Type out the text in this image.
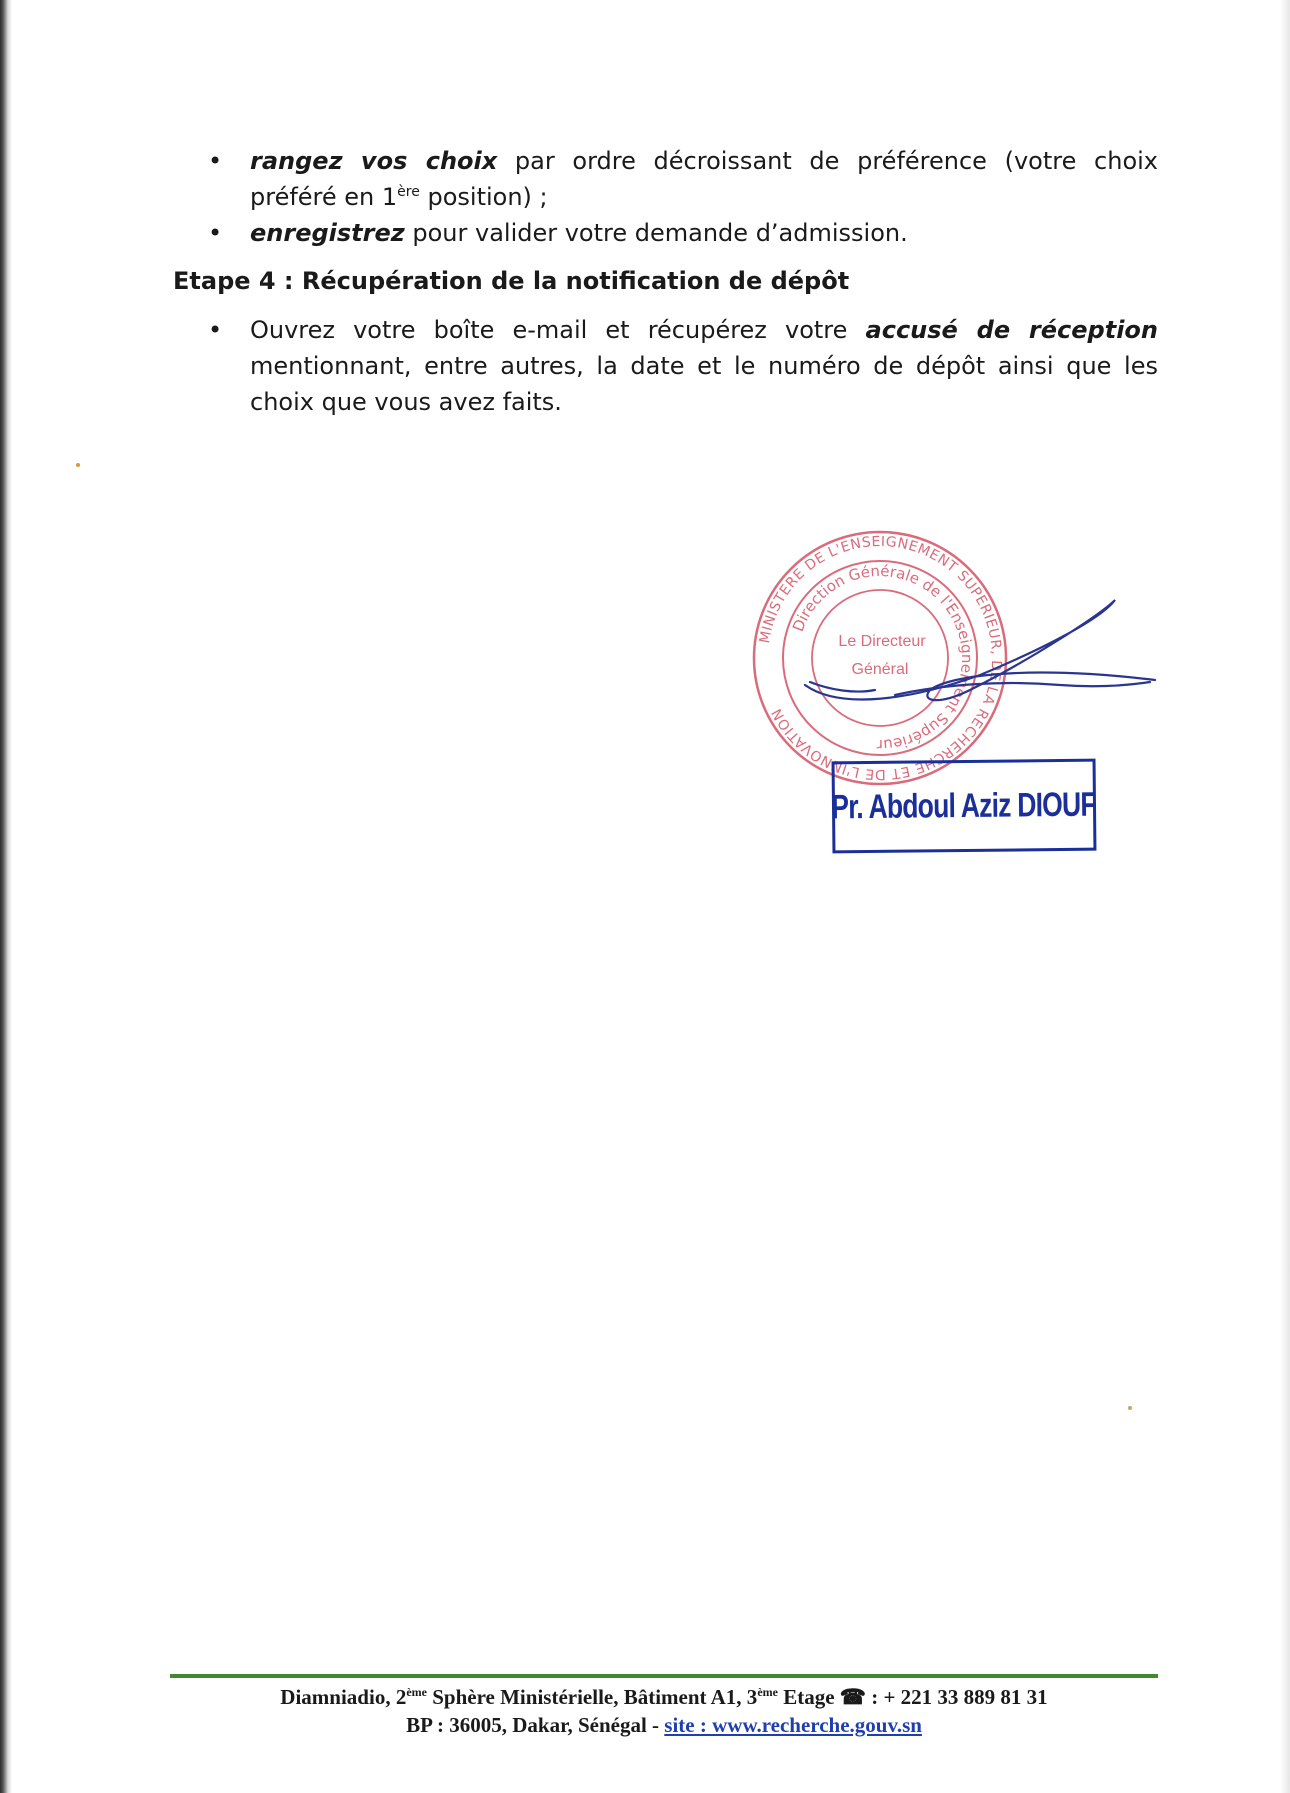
•	rangez vos choix par ordre décroissant de préférence (votre choix préféré en 1ère position) ;
•	enregistrez pour valider votre demande d’admission.
Etape 4 : Récupération de la notification de dépôt
•	Ouvrez votre boîte e-mail et récupérez votre accusé de réception mentionnant, entre autres, la date et le numéro de dépôt ainsi que les choix que vous avez faits.
MINISTERE DE L'ENSEIGNEMENT SUPERIEUR, DE LA RECHERCHE ET DE L'INNOVATION
Direction Générale de l'Enseignement Supérieur
Le Directeur
Général
Pr. Abdoul Aziz DIOUF
Diamniadio, 2ème Sphère Ministérielle, Bâtiment A1, 3ème Etage ☎ : + 221 33 889 81 31
BP : 36005, Dakar, Sénégal - site : www.recherche.gouv.sn
